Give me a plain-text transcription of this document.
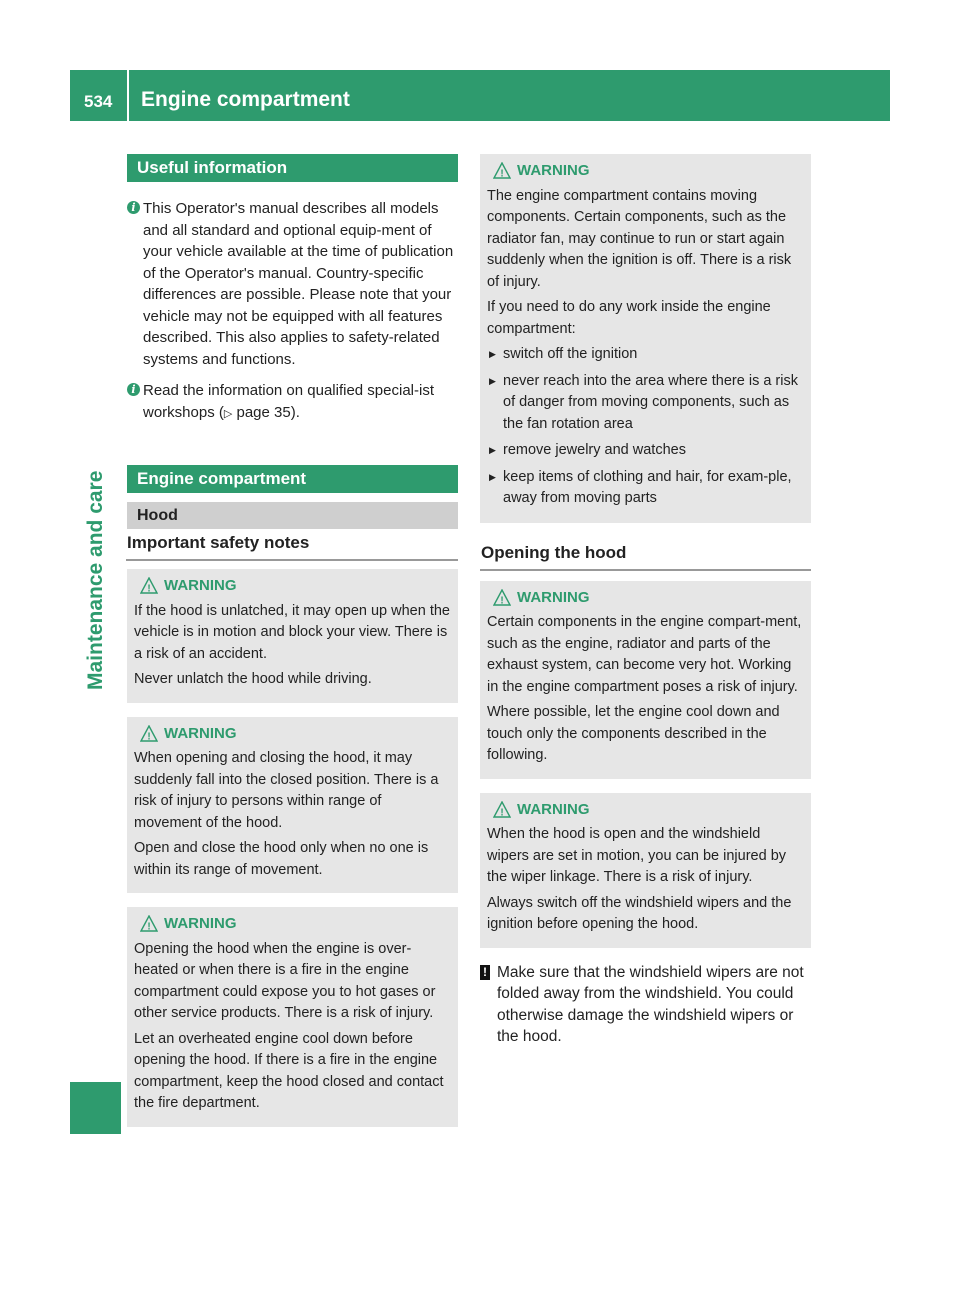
534 Engine compartment
Maintenance and care
Useful information
i This Operator's manual describes all models and all standard and optional equip-ment of your vehicle available at the time of publication of the Operator's manual. Country-specific differences are possible. Please note that your vehicle may not be equipped with all features described. This also applies to safety-related systems and functions.
i Read the information on qualified special-ist workshops (▷ page 35).
Engine compartment
Hood
Important safety notes
! WARNING

If the hood is unlatched, it may open up when the vehicle is in motion and block your view. There is a risk of an accident.

Never unlatch the hood while driving.

! WARNING

When opening and closing the hood, it may suddenly fall into the closed position. There is a risk of injury to persons within range of movement of the hood.

Open and close the hood only when no one is within its range of movement.

! WARNING

Opening the hood when the engine is over-heated or when there is a fire in the engine compartment could expose you to hot gases or other service products. There is a risk of injury.

Let an overheated engine cool down before opening the hood. If there is a fire in the engine compartment, keep the hood closed and contact the fire department.

! WARNING

The engine compartment contains moving components. Certain components, such as the radiator fan, may continue to run or start again suddenly when the ignition is off. There is a risk of injury.

If you need to do any work inside the engine compartment:

▶ switch off the ignition
▶ never reach into the area where there is a risk of danger from moving components, such as the fan rotation area
▶ remove jewelry and watches
▶ keep items of clothing and hair, for exam-ple, away from moving parts
Opening the hood
! WARNING

Certain components in the engine compart-ment, such as the engine, radiator and parts of the exhaust system, can become very hot. Working in the engine compartment poses a risk of injury.

Where possible, let the engine cool down and touch only the components described in the following.

! WARNING

When the hood is open and the windshield wipers are set in motion, you can be injured by the wiper linkage. There is a risk of injury.

Always switch off the windshield wipers and the ignition before opening the hood.

! Make sure that the windshield wipers are not folded away from the windshield. You could otherwise damage the windshield wipers or the hood.
